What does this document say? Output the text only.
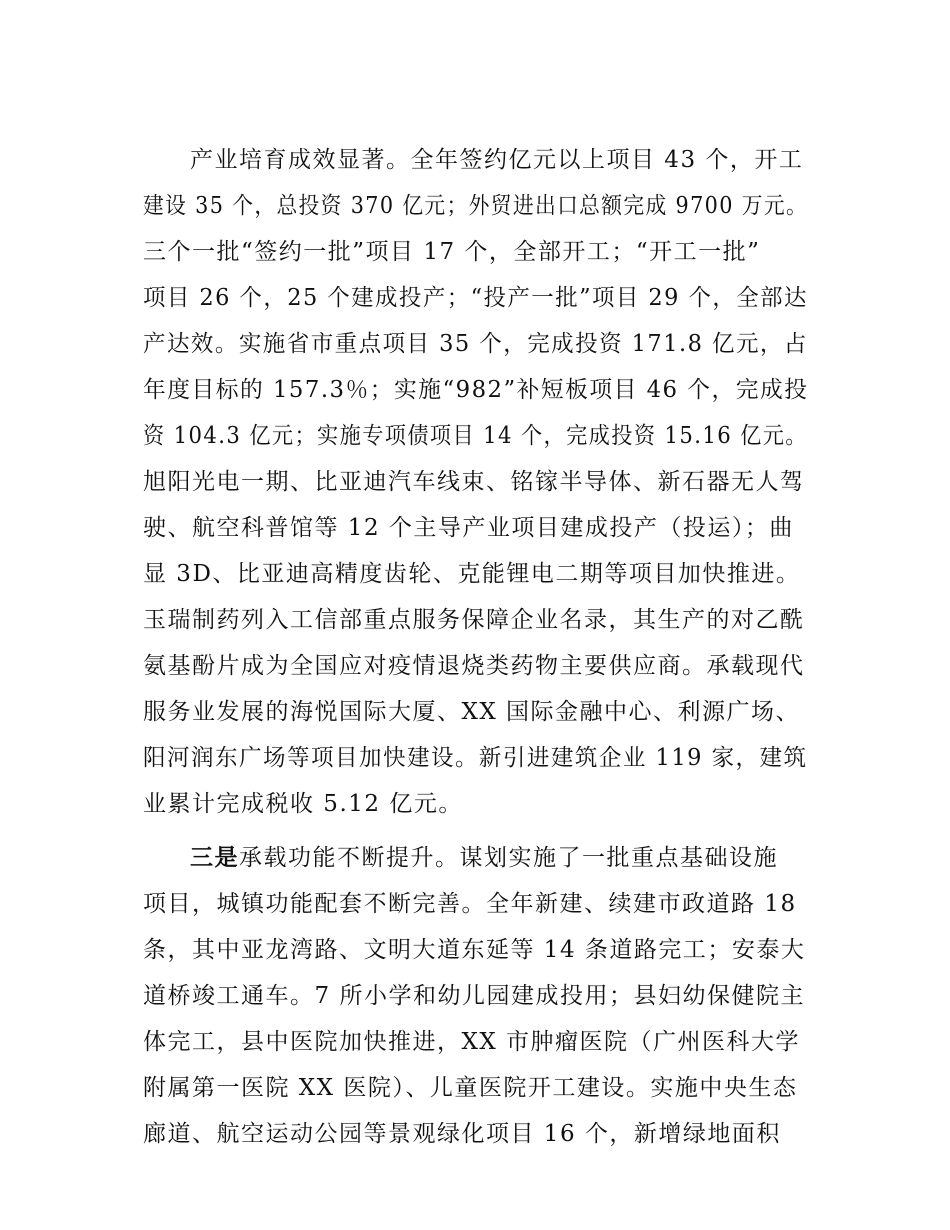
产业培育成效显著。全年签约亿元以上项目 43 个，开工
建设 35 个，总投资 370 亿元；外贸进出口总额完成 9700 万元。
三个一批“签约一批”项目 17 个，全部开工；“开工一批”
项目 26 个，25 个建成投产；“投产一批”项目 29 个，全部达
产达效。实施省市重点项目 35 个，完成投资 171.8 亿元，占
年度目标的 157.3％；实施“982”补短板项目 46 个，完成投
资 104.3 亿元；实施专项债项目 14 个，完成投资 15.16 亿元。
旭阳光电一期、比亚迪汽车线束、铭镓半导体、新石器无人驾
驶、航空科普馆等 12 个主导产业项目建成投产（投运）；曲
显 3D、比亚迪高精度齿轮、克能锂电二期等项目加快推进。
玉瑞制药列入工信部重点服务保障企业名录，其生产的对乙酰
氨基酚片成为全国应对疫情退烧类药物主要供应商。承载现代
服务业发展的海悦国际大厦、XX 国际金融中心、利源广场、
阳河润东广场等项目加快建设。新引进建筑企业 119 家，建筑
业累计完成税收 5.12 亿元。
三是承载功能不断提升。谋划实施了一批重点基础设施
项目，城镇功能配套不断完善。全年新建、续建市政道路 18
条，其中亚龙湾路、文明大道东延等 14 条道路完工；安泰大
道桥竣工通车。7 所小学和幼儿园建成投用；县妇幼保健院主
体完工，县中医院加快推进，XX 市肿瘤医院（广州医科大学
附属第一医院 XX 医院）、儿童医院开工建设。实施中央生态
廊道、航空运动公园等景观绿化项目 16 个，新增绿地面积
